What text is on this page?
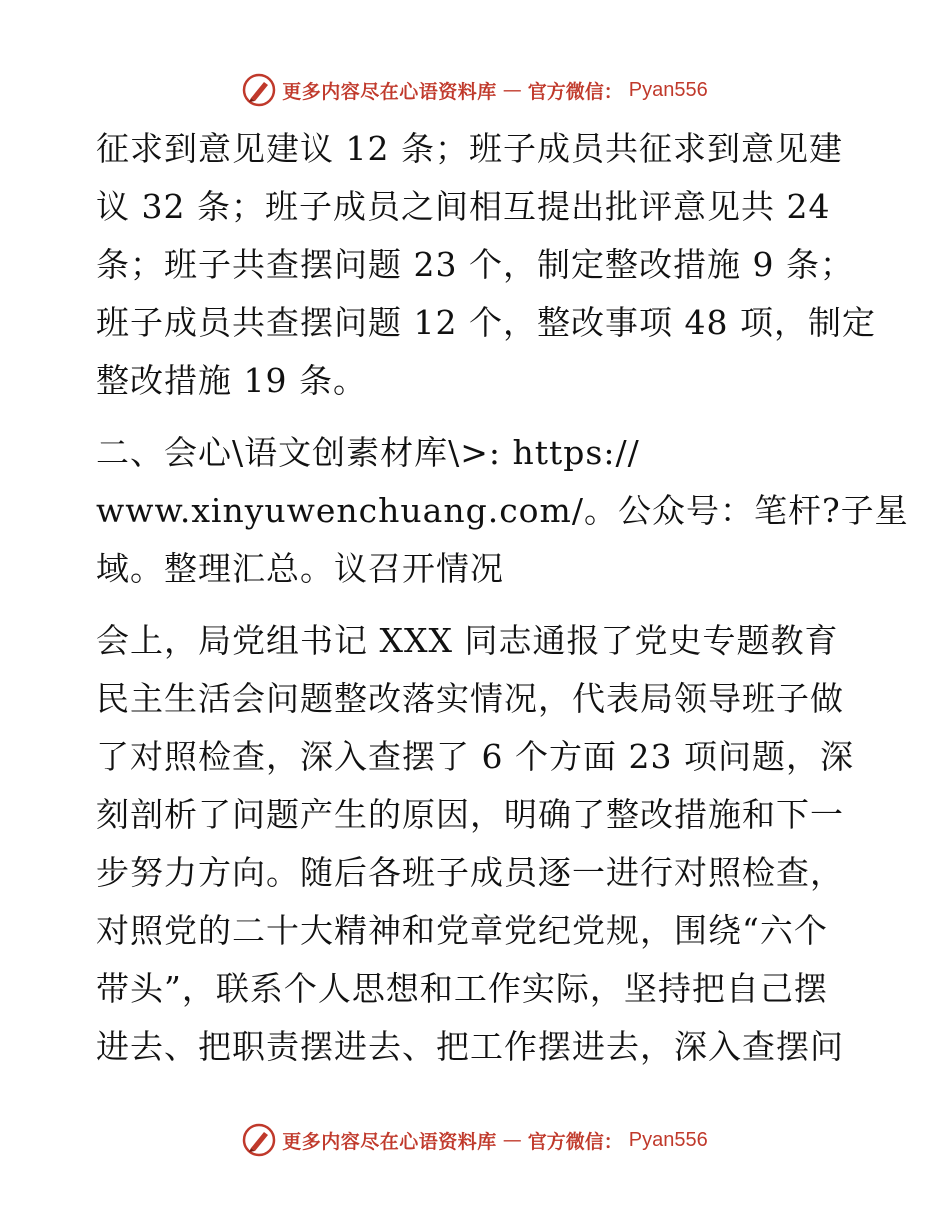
更多内容尽在心语资料库 — 官方微信： Pyan556
征求到意见建议 12 条；班子成员共征求到意见建
议 32 条；班子成员之间相互提出批评意见共 24
条；班子共查摆问题 23 个，制定整改措施 9 条；
班子成员共查摆问题 12 个，整改事项 48 项，制定
整改措施 19 条。
二、会心\语文创素材库\>: https://
www.xinyuwenchuang.com/。公众号：笔杆?子星
域。整理汇总。议召开情况
会上，局党组书记 XXX 同志通报了党史专题教育
民主生活会问题整改落实情况，代表局领导班子做
了对照检查，深入查摆了 6 个方面 23 项问题，深
刻剖析了问题产生的原因，明确了整改措施和下一
步努力方向。随后各班子成员逐一进行对照检查，
对照党的二十大精神和党章党纪党规，围绕“六个
带头”，联系个人思想和工作实际，坚持把自己摆
进去、把职责摆进去、把工作摆进去，深入查摆问
更多内容尽在心语资料库 — 官方微信： Pyan556
